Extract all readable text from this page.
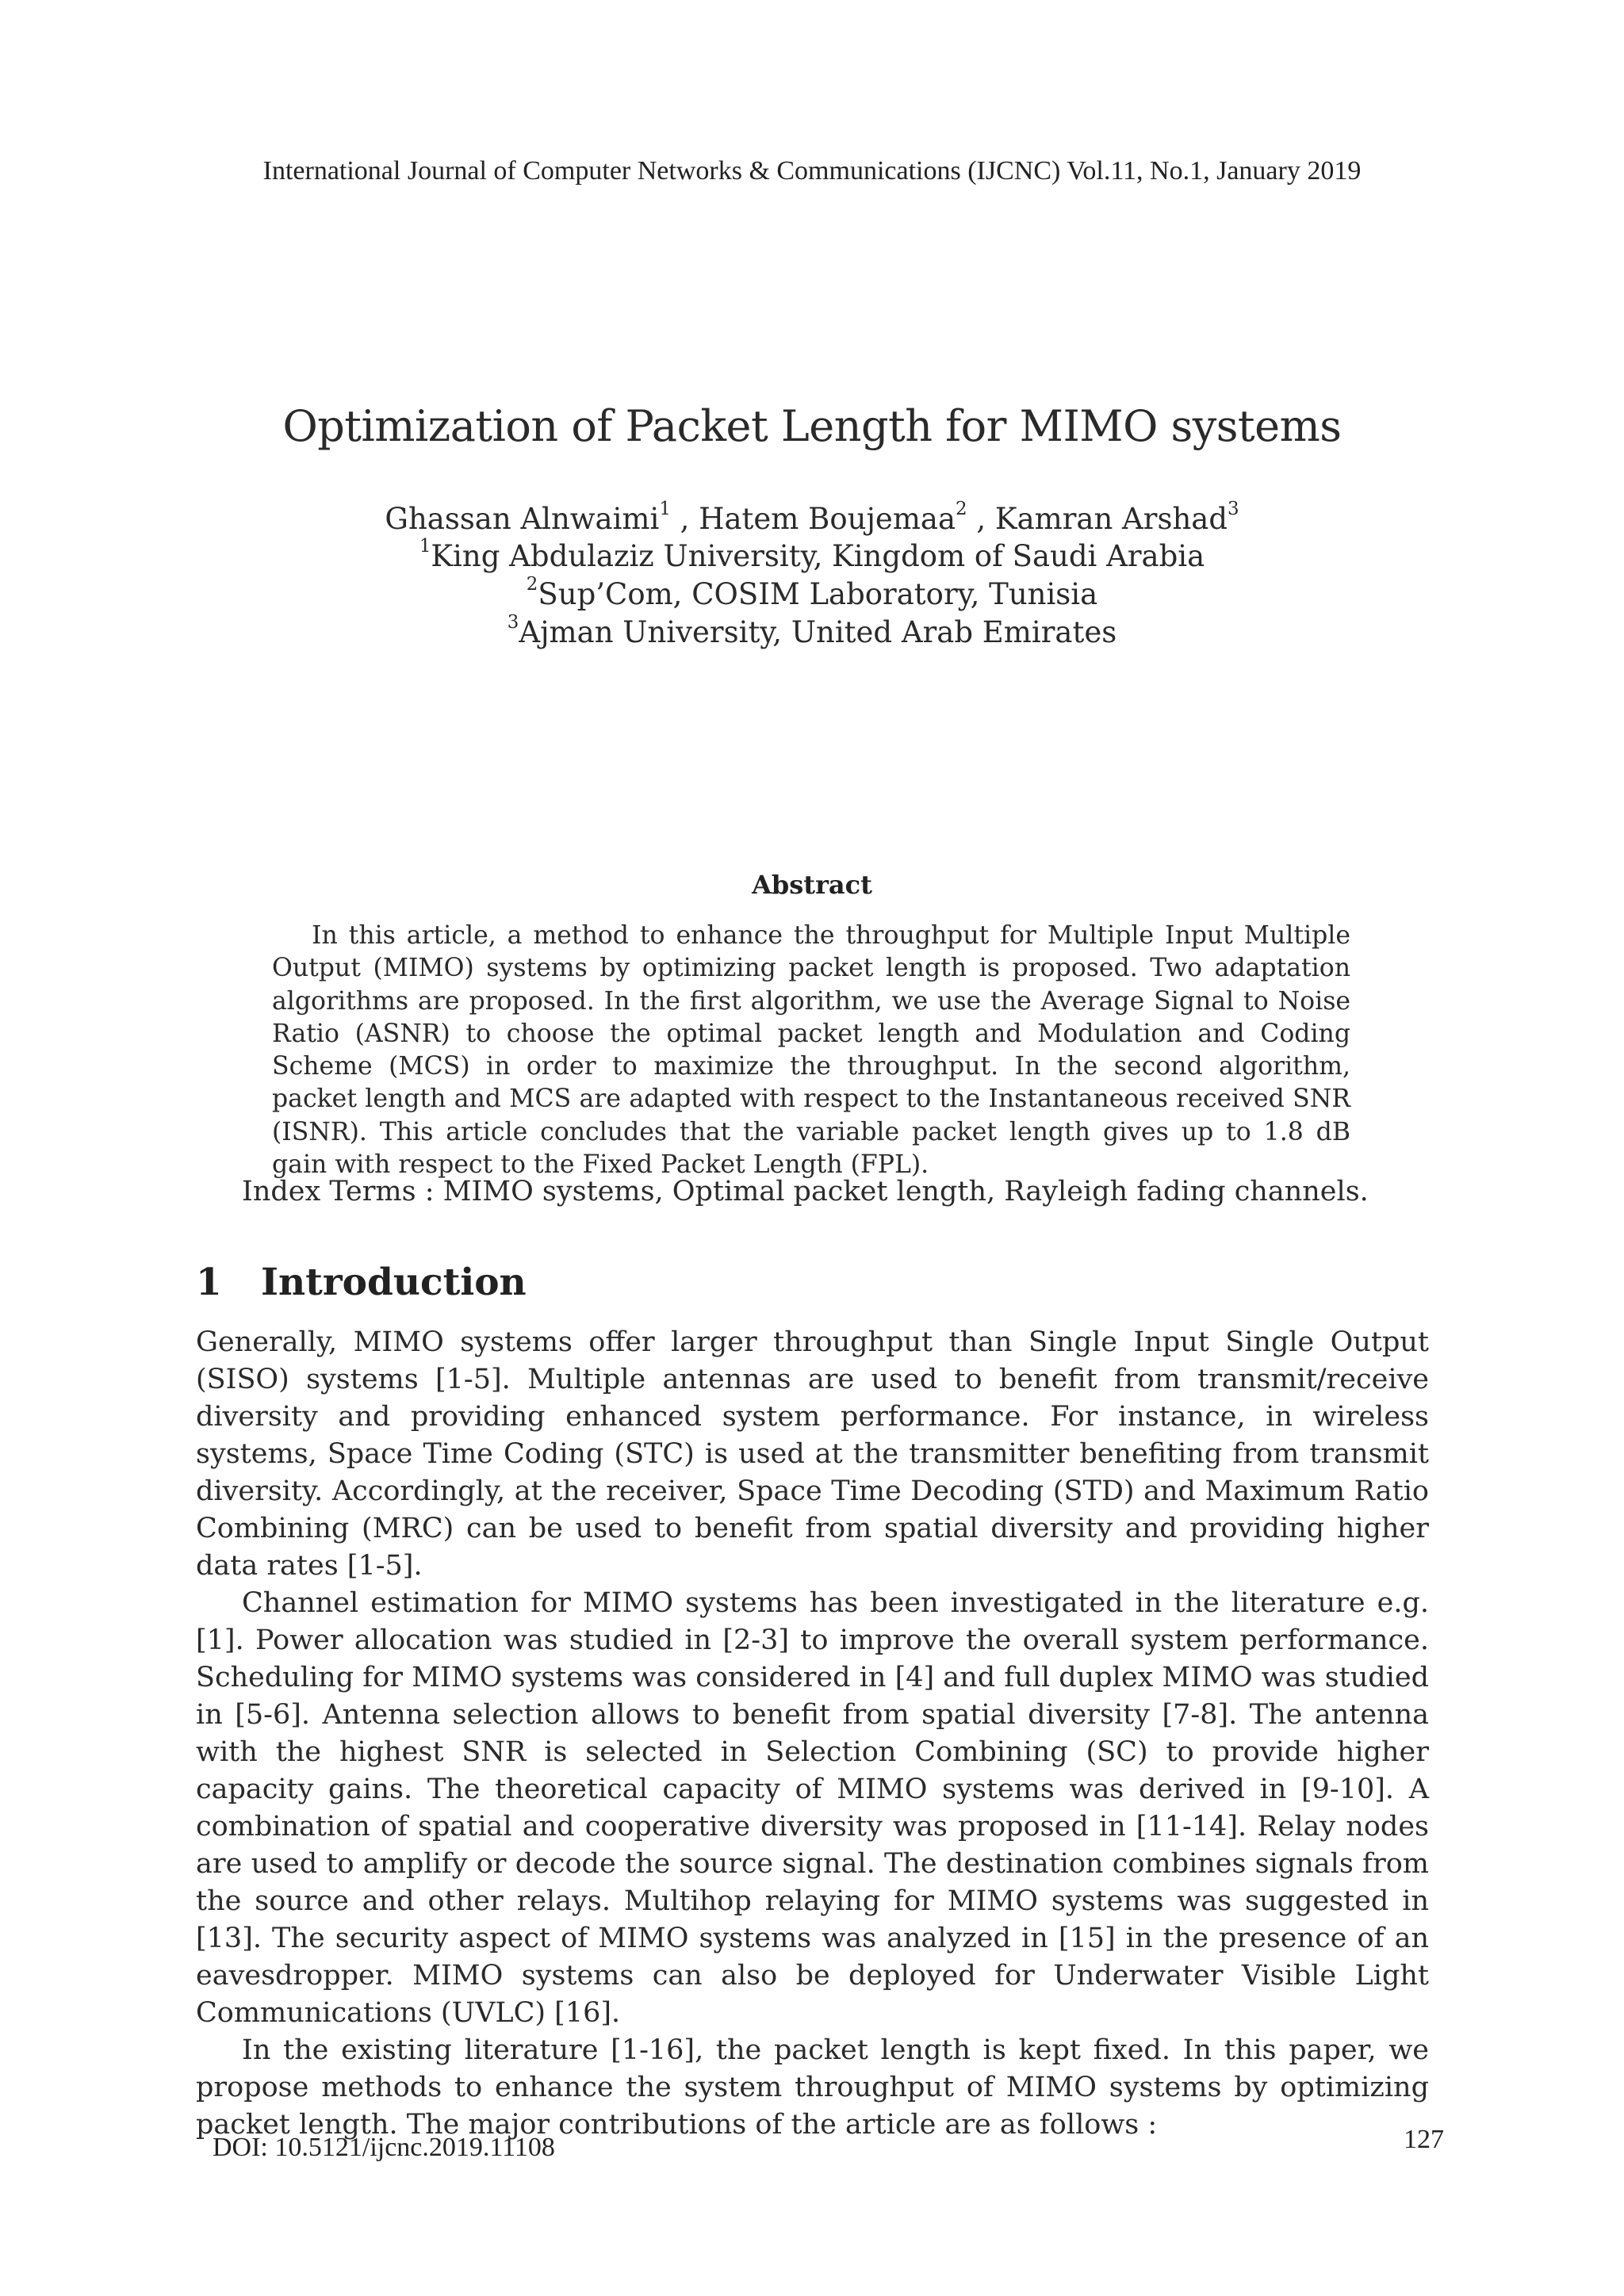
International Journal of Computer Networks & Communications (IJCNC) Vol.11, No.1, January 2019
Optimization of Packet Length for MIMO systems
Ghassan Alnwaimi$^1$ , Hatem Boujemaa$^2$ , Kamran Arshad$^3$
$^1$King Abdulaziz University, Kingdom of Saudi Arabia
$^2$Sup’Com, COSIM Laboratory, Tunisia
$^3$Ajman University, United Arab Emirates
Abstract
In this article, a method to enhance the throughput for Multiple Input Multiple Output (MIMO) systems by optimizing packet length is proposed. Two adaptation algorithms are proposed. In the first algorithm, we use the Average Signal to Noise Ratio (ASNR) to choose the optimal packet length and Modulation and Coding Scheme (MCS) in order to maximize the throughput. In the second algorithm, packet length and MCS are adapted with respect to the Instantaneous received SNR (ISNR). This article concludes that the variable packet length gives up to 1.8 dB gain with respect to the Fixed Packet Length (FPL).
Index Terms : MIMO systems, Optimal packet length, Rayleigh fading channels.
1 Introduction

Generally, MIMO systems offer larger throughput than Single Input Single Output (SISO) systems [1-5]. Multiple antennas are used to benefit from transmit/receive diversity and providing enhanced system performance. For instance, in wireless systems, Space Time Coding (STC) is used at the transmitter benefiting from transmit diversity. Accordingly, at the receiver, Space Time Decoding (STD) and Maximum Ratio Combining (MRC) can be used to benefit from spatial diversity and providing higher data rates [1-5].

Channel estimation for MIMO systems has been investigated in the literature e.g. [1]. Power allocation was studied in [2-3] to improve the overall system performance. Scheduling for MIMO systems was considered in [4] and full duplex MIMO was studied in [5-6]. Antenna selection allows to benefit from spatial diversity [7-8]. The antenna with the highest SNR is selected in Selection Combining (SC) to provide higher capacity gains. The theoretical capacity of MIMO systems was derived in [9-10]. A combination of spatial and cooperative diversity was proposed in [11-14]. Relay nodes are used to amplify or decode the source signal. The destination combines signals from the source and other relays. Multihop relaying for MIMO systems was suggested in [13]. The security aspect of MIMO systems was analyzed in [15] in the presence of an eavesdropper. MIMO systems can also be deployed for Underwater Visible Light Communications (UVLC) [16].

In the existing literature [1-16], the packet length is kept fixed. In this paper, we propose methods to enhance the system throughput of MIMO systems by optimizing packet length. The major contributions of the article are as follows :

DOI: 10.5121/ijcnc.2019.11108	127
